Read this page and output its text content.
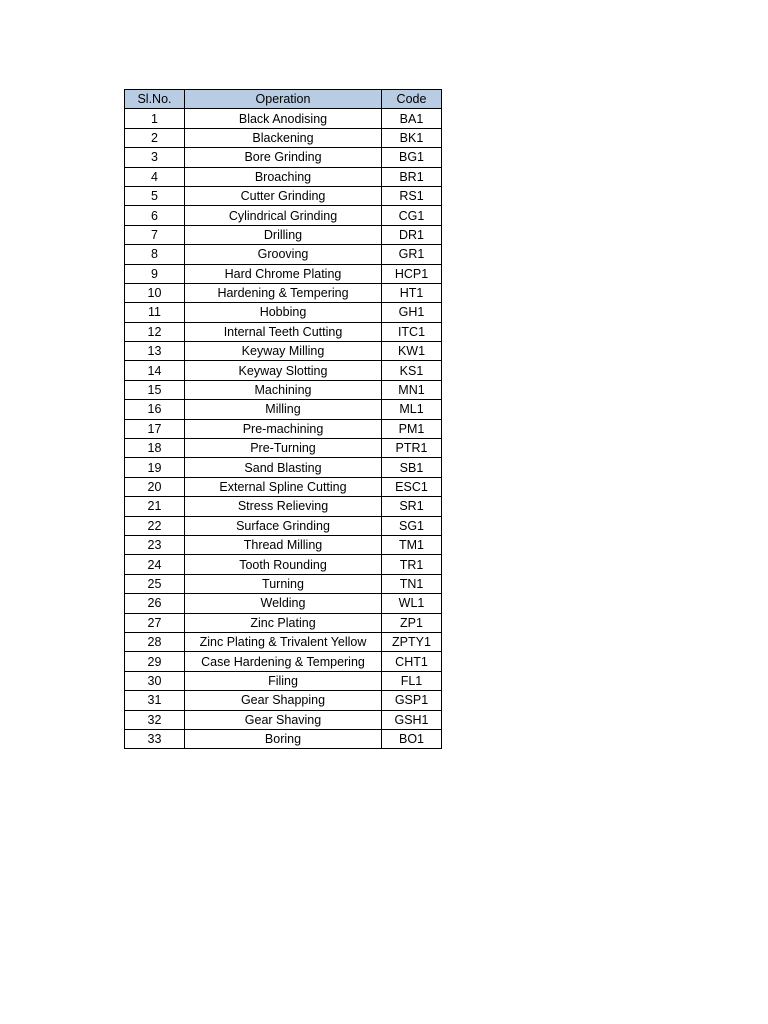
Sl.No.	Operation	Code
1	Black Anodising	BA1
2	Blackening	BK1
3	Bore Grinding	BG1
4	Broaching	BR1
5	Cutter Grinding	RS1
6	Cylindrical Grinding	CG1
7	Drilling	DR1
8	Grooving	GR1
9	Hard Chrome Plating	HCP1
10	Hardening & Tempering	HT1
11	Hobbing	GH1
12	Internal Teeth Cutting	ITC1
13	Keyway Milling	KW1
14	Keyway Slotting	KS1
15	Machining	MN1
16	Milling	ML1
17	Pre-machining	PM1
18	Pre-Turning	PTR1
19	Sand Blasting	SB1
20	External Spline Cutting	ESC1
21	Stress Relieving	SR1
22	Surface Grinding	SG1
23	Thread Milling	TM1
24	Tooth Rounding	TR1
25	Turning	TN1
26	Welding	WL1
27	Zinc Plating	ZP1
28	Zinc Plating & Trivalent Yellow	ZPTY1
29	Case Hardening & Tempering	CHT1
30	Filing	FL1
31	Gear Shapping	GSP1
32	Gear Shaving	GSH1
33	Boring	BO1
